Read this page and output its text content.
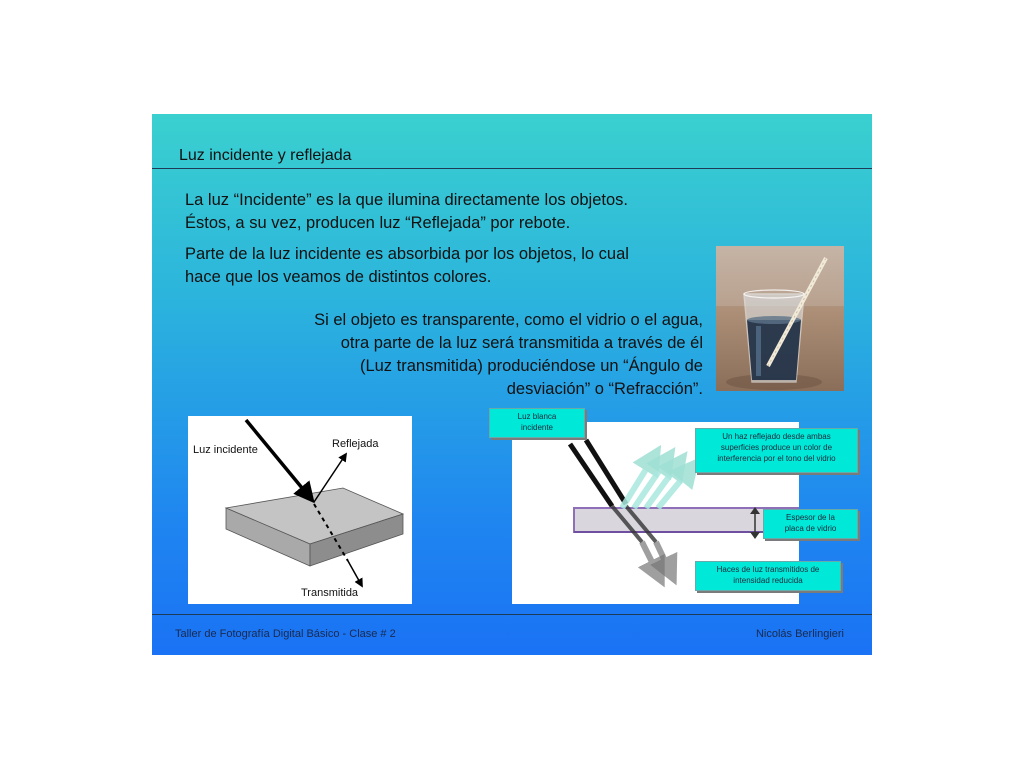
Luz incidente y reflejada

La luz “Incidente” es la que ilumina directamente los objetos.
Éstos, a su vez, producen luz “Reflejada” por rebote.

Parte de la luz incidente es absorbida por los objetos, lo cual
hace que los veamos de distintos colores.

Si el objeto es transparente, como el vidrio o el agua,
otra parte de la luz será transmitida a través de él
(Luz transmitida) produciéndose un “Ángulo de
desviación” o “Refracción”.

Luz incidente	Reflejada
Transmitida
Luz blanca
incidente
Un haz reflejado desde ambas
superficies produce un color de
interferencia por el tono del vidrio
Espesor de la
placa de vidrio
Haces de luz transmitidos de
intensidad reducida
Taller de Fotografía Digital Básico - Clase # 2	Nicolás Berlingieri
